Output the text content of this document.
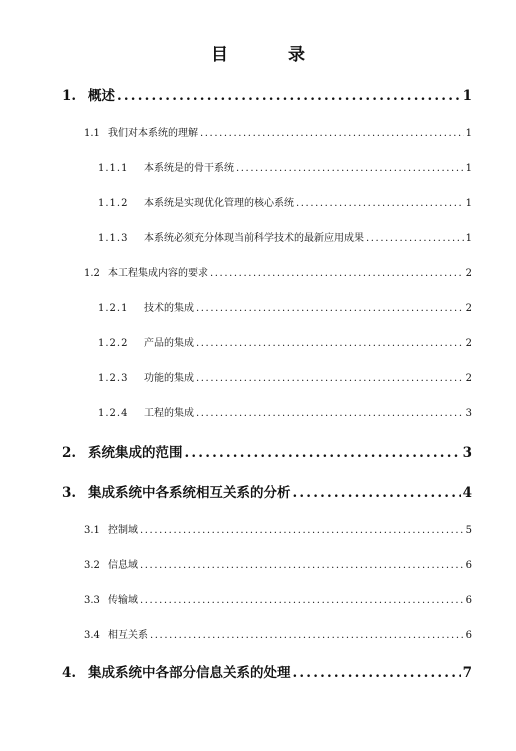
目	录
1. 概述 .....	1
1.1 我们对本系统的理解 .....	1
1.1.1	本系统是的骨干系统 .....	1
1.1.2	本系统是实现优化管理的核心系统 .....	1
1.1.3	本系统必须充分体现当前科学技术的最新应用成果 .....	1
1.2 本工程集成内容的要求 .....	2
1.2.1	技术的集成 .....	2
1.2.2	产品的集成 .....	2
1.2.3	功能的集成 .....	2
1.2.4	工程的集成 .....	3
2. 系统集成的范围 .....	3
3. 集成系统中各系统相互关系的分析 .....	4
3.1 控制域 .....	5
3.2 信息域 .....	6
3.3 传输域 .....	6
3.4 相互关系 .....	6
4. 集成系统中各部分信息关系的处理 .....	7
